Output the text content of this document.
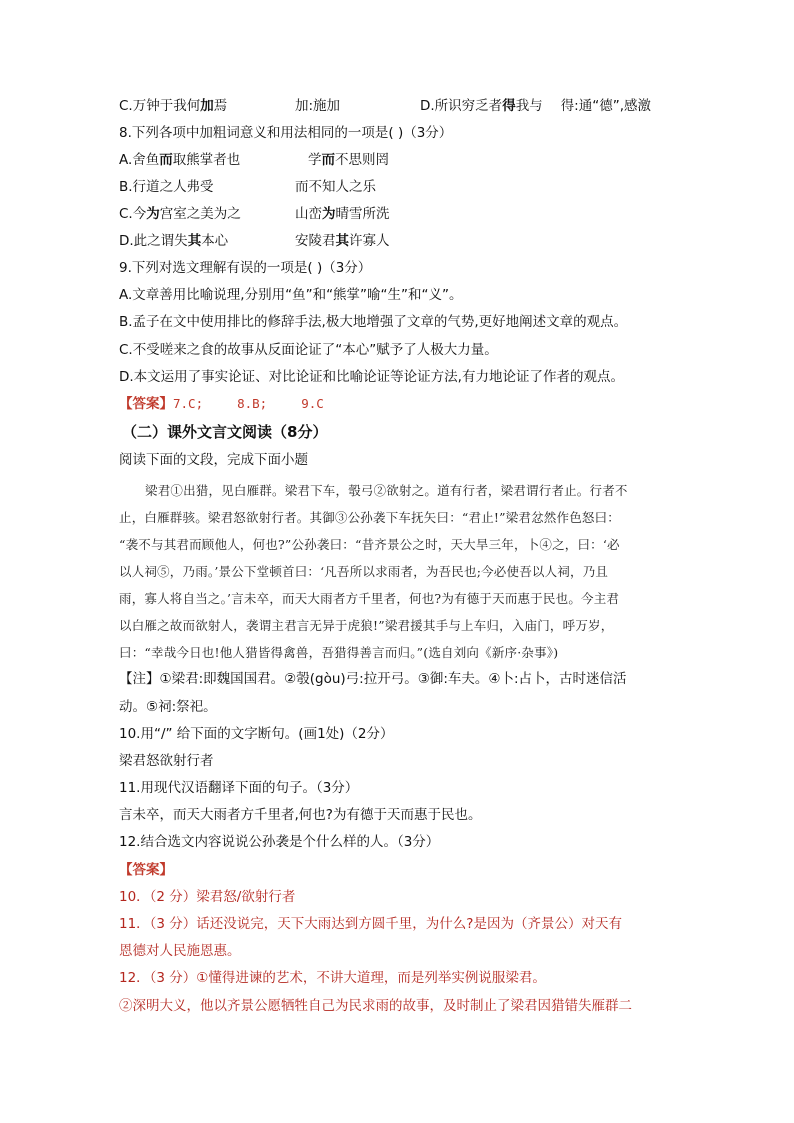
C.万钟于我何加焉	加:施加	D.所识穷乏者得我与 得:通“德”,感激
8.下列各项中加粗词意义和用法相同的一项是( )（3分）
A.舍鱼而取熊掌者也	学而不思则罔
B.行道之人弗受	而不知人之乐
C.今为宫室之美为之	山峦为晴雪所洗
D.此之谓失其本心	安陵君其许寡人
9.下列对选文理解有误的一项是( )（3分）
A.文章善用比喻说理,分别用“鱼”和“熊掌”喻“生”和“义”。
B.孟子在文中使用排比的修辞手法,极大地增强了文章的气势,更好地阐述文章的观点。
C.不受嗟来之食的故事从反面论证了“本心”赋予了人极大力量。
D.本文运用了事实论证、对比论证和比喻论证等论证方法,有力地论证了作者的观点。
【答案】7.C;	8.B;	9.C
（二）课外文言文阅读（8分）
阅读下面的文段，完成下面小题
梁君①出猎，见白雁群。梁君下车，彀弓②欲射之。道有行者，梁君谓行者止。行者不
止，白雁群骇。梁君怒欲射行者。其御③公孙袭下车抚矢曰：“君止!”梁君忿然作色怒曰：
“袭不与其君而顾他人，何也?”公孙袭曰：“昔齐景公之时，天大旱三年，卜④之，曰：‘必
以人祠⑤，乃雨。’景公下堂顿首曰：‘凡吾所以求雨者，为吾民也;今必使吾以人祠，乃且
雨，寡人将自当之。’言未卒，而天大雨者方千里者，何也?为有德于天而惠于民也。今主君
以白雁之故而欲射人，袭谓主君言无异于虎狼!”梁君援其手与上车归，入庙门，呼万岁，
曰：“幸哉今日也!他人猎皆得禽兽，吾猎得善言而归。”(选自刘向《新序·杂事》)
【注】①梁君:即魏国国君。②彀(gòu)弓:拉开弓。③御:车夫。④卜:占卜，古时迷信活
动。⑤祠:祭祀。
10.用“/” 给下面的文字断句。(画1处)（2分）
梁君怒欲射行者
11.用现代汉语翻译下面的句子。（3分）
言未卒，而天大雨者方千里者,何也?为有德于天而惠于民也。
12.结合选文内容说说公孙袭是个什么样的人。（3分）
【答案】
10．（2 分）梁君怒/欲射行者
11．（3 分）话还没说完，天下大雨达到方圆千里，为什么?是因为（齐景公）对天有
恩德对人民施恩惠。
12．（3 分）①懂得进谏的艺术，不讲大道理，而是列举实例说服梁君。
②深明大义，他以齐景公愿牺牲自己为民求雨的故事，及时制止了梁君因猎错失雁群二
